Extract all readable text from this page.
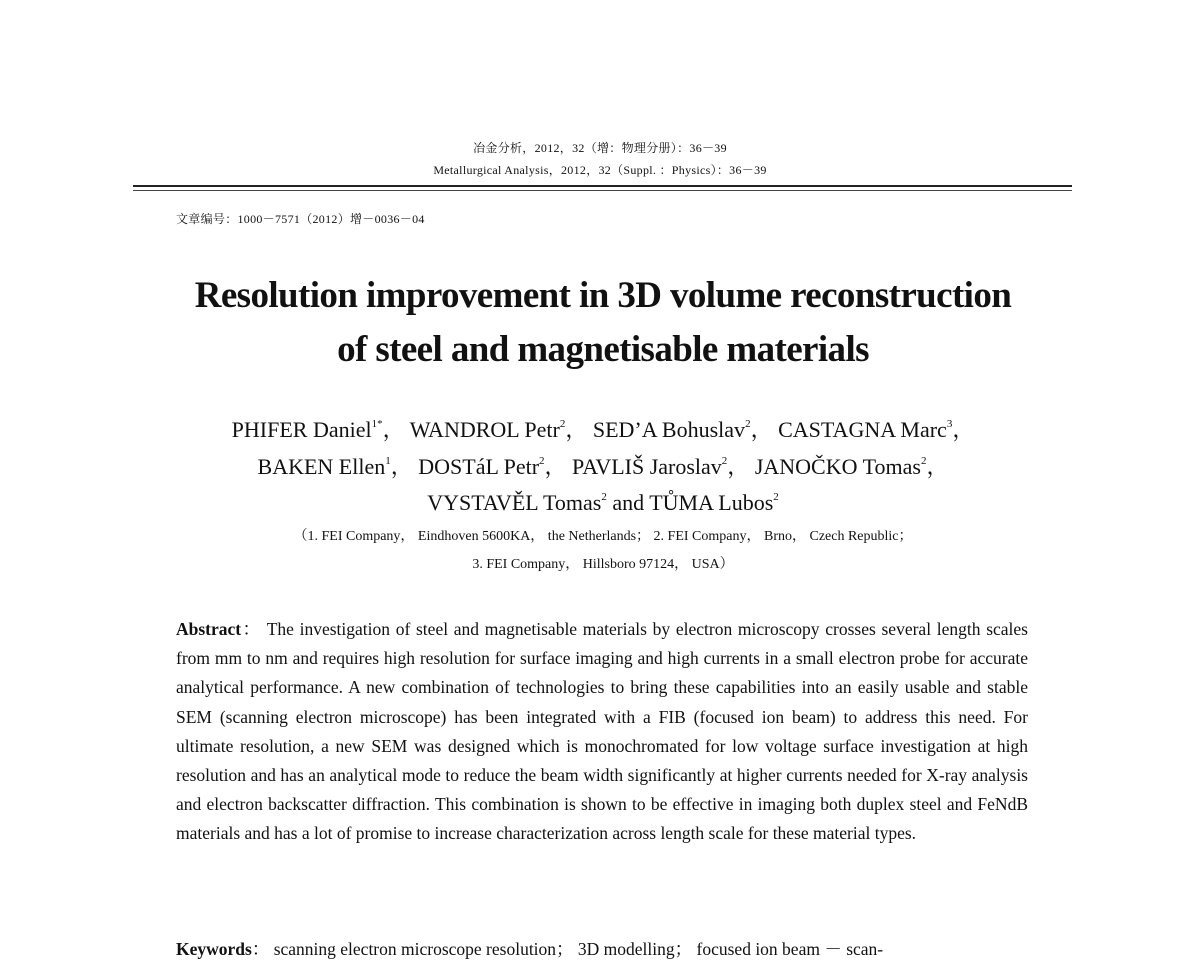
冶金分析，2012，32（增：物理分册）：36－39
Metallurgical Analysis，2012，32（Suppl. ：Physics）：36－39
文章编号：1000－7571（2012）增－0036－04
Resolution improvement in 3D volume reconstruction
of steel and magnetisable materials
PHIFER Daniel$^{1*}$， WANDROL Petr$^2$， SED’A Bohuslav$^2$， CASTAGNA Marc$^3$，
BAKEN Ellen$^1$， DOSTáL Petr$^2$， PAVLIŠ Jaroslav$^2$， JANOČKO Tomas$^2$，
VYSTAVĚL Tomas$^2$ and TŮMA Lubos$^2$
（1. FEI Company， Eindhoven 5600KA， the Netherlands； 2. FEI Company， Brno， Czech Republic；
3. FEI Company， Hillsboro 97124， USA）
Abstract： The investigation of steel and magnetisable materials by electron microscopy crosses several length scales from mm to nm and requires high resolution for surface imaging and high currents in a small electron probe for accurate analytical performance. A new combination of technologies to bring these capabilities into an easily usable and stable SEM (scanning electron microscope) has been integrated with a FIB (focused ion beam) to address this need. For ultimate resolution, a new SEM was designed which is monochromated for low voltage surface investigation at high resolution and has an analytical mode to reduce the beam width significantly at higher currents needed for X-ray analysis and electron backscatter diffraction. This combination is shown to be effective in imaging both duplex steel and FeNdB materials and has a lot of promise to increase characterization across length scale for these material types.
Keywords： scanning electron microscope resolution； 3D modelling； focused ion beam － scan-
